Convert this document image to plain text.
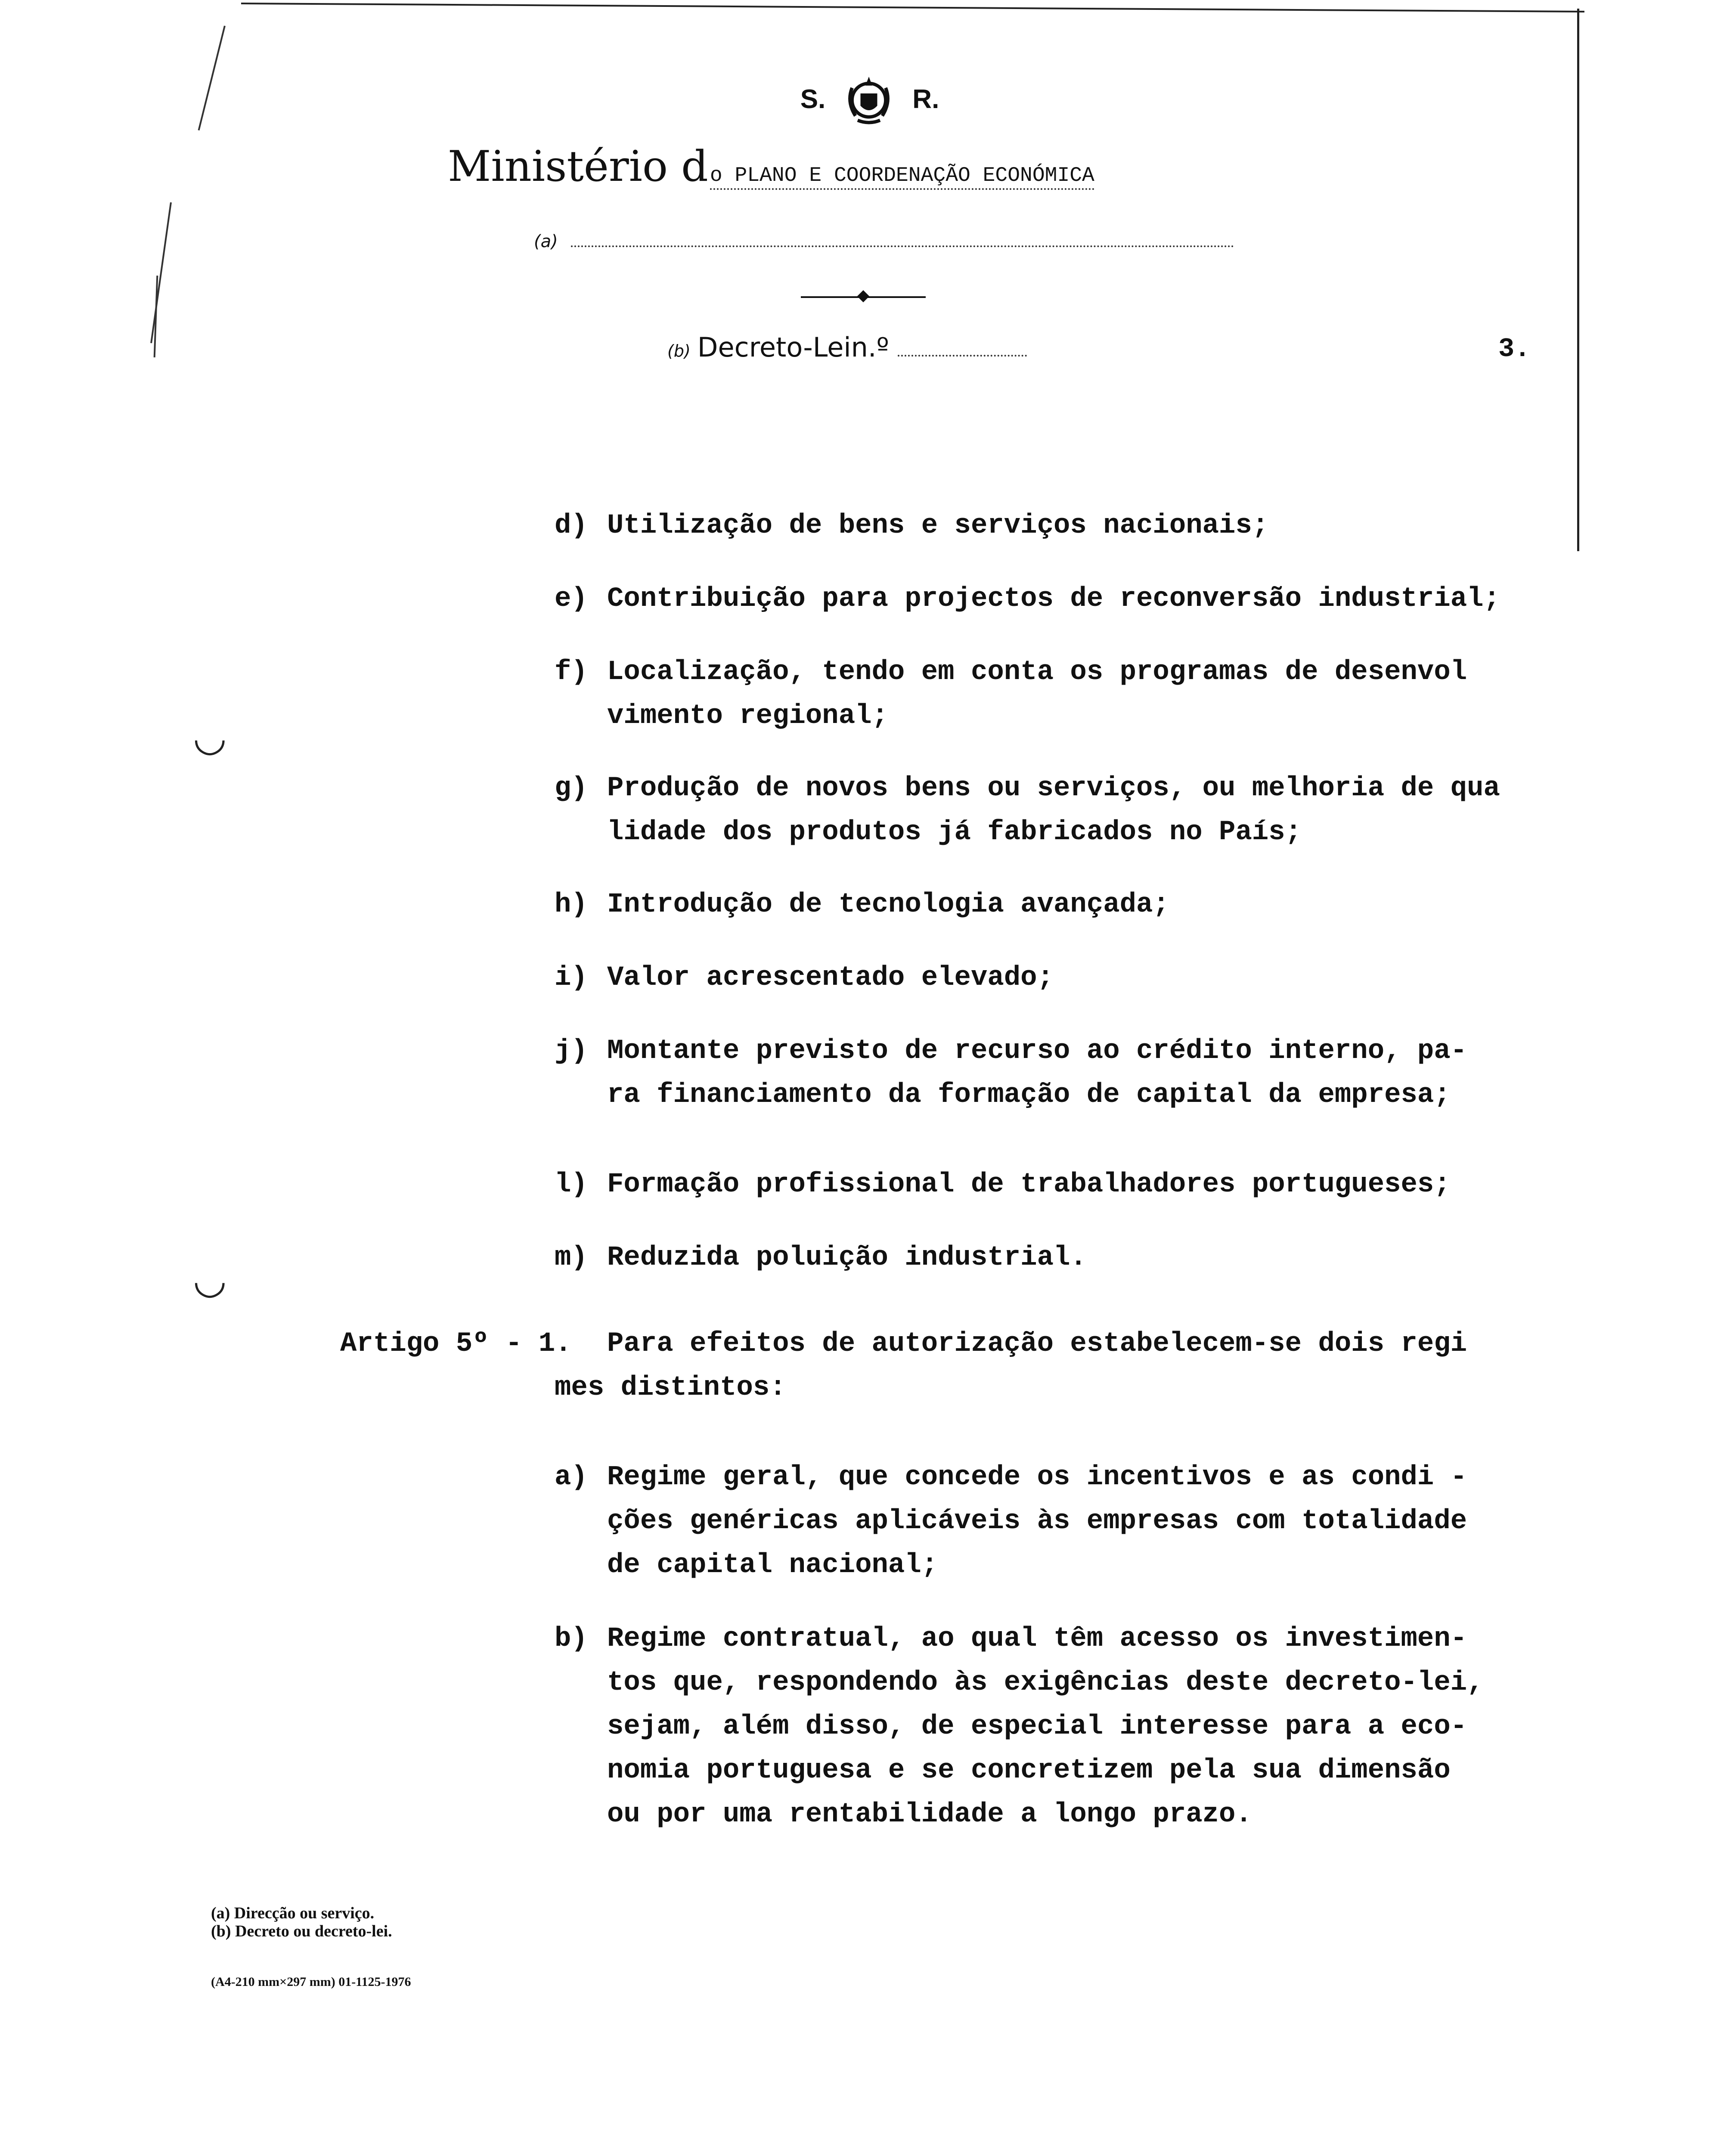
◡
◡
S.	R.
Ministério d o PLANO E COORDENAÇÃO ECONÓMICA
(a)
(b) Decreto-Lein.º	3.
d) Utilização de bens e serviços nacionais;
e) Contribuição para projectos de reconversão industrial;
f) Localização, tendo em conta os programas de desenvol
vimento regional;
g) Produção de novos bens ou serviços, ou melhoria de qua
lidade dos produtos já fabricados no País;
h) Introdução de tecnologia avançada;
i) Valor acrescentado elevado;
j) Montante previsto de recurso ao crédito interno, pa-
ra financiamento da formação de capital da empresa;
l) Formação profissional de trabalhadores portugueses;
m) Reduzida poluição industrial.
Artigo 5º - 1. Para efeitos de autorização estabelecem-se dois regi
mes distintos:
a) Regime geral, que concede os incentivos e as condi -
ções genéricas aplicáveis às empresas com totalidade
de capital nacional;
b) Regime contratual, ao qual têm acesso os investimen-
tos que, respondendo às exigências deste decreto-lei,
sejam, além disso, de especial interesse para a eco-
nomia portuguesa e se concretizem pela sua dimensão
ou por uma rentabilidade a longo prazo.
(a) Direcção ou serviço.
(b) Decreto ou decreto-lei.
(A4-210 mm×297 mm) 01-1125-1976
